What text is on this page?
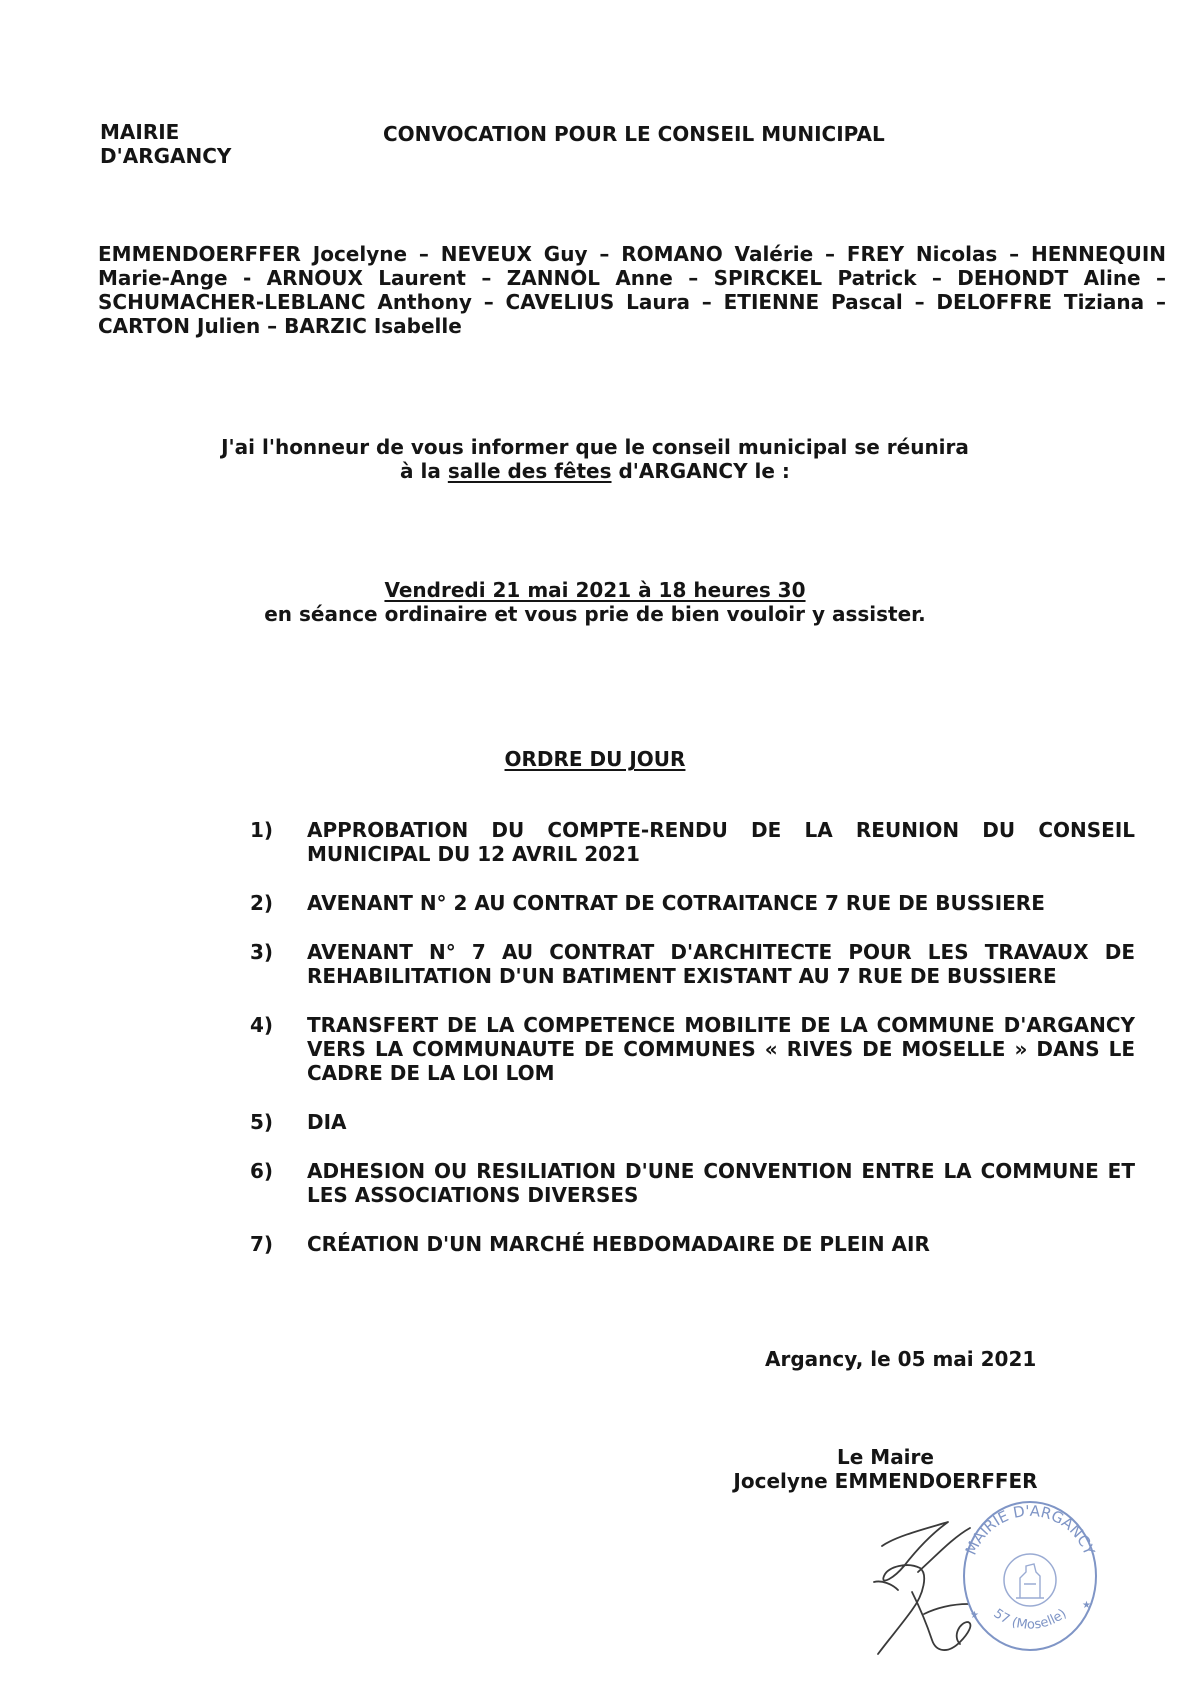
MAIRIE
D'ARGANCY
CONVOCATION POUR LE CONSEIL MUNICIPAL
EMMENDOERFFER Jocelyne – NEVEUX Guy – ROMANO Valérie – FREY Nicolas – HENNEQUIN
Marie-Ange - ARNOUX Laurent – ZANNOL Anne – SPIRCKEL Patrick – DEHONDT Aline –
SCHUMACHER-LEBLANC Anthony – CAVELIUS Laura – ETIENNE Pascal – DELOFFRE Tiziana –
CARTON Julien – BARZIC Isabelle
J'ai l'honneur de vous informer que le conseil municipal se réunira
à la salle des fêtes d'ARGANCY le :
Vendredi 21 mai 2021 à 18 heures 30
en séance ordinaire et vous prie de bien vouloir y assister.
ORDRE DU JOUR
1) APPROBATION DU COMPTE-RENDU DE LA REUNION DU CONSEIL MUNICIPAL DU 12 AVRIL 2021
2) AVENANT N° 2 AU CONTRAT DE COTRAITANCE 7 RUE DE BUSSIERE
3) AVENANT N° 7 AU CONTRAT D'ARCHITECTE POUR LES TRAVAUX DE REHABILITATION D'UN BATIMENT EXISTANT AU 7 RUE DE BUSSIERE
4) TRANSFERT DE LA COMPETENCE MOBILITE DE LA COMMUNE D'ARGANCY VERS LA COMMUNAUTE DE COMMUNES « RIVES DE MOSELLE » DANS LE CADRE DE LA LOI LOM
5) DIA
6) ADHESION OU RESILIATION D'UNE CONVENTION ENTRE LA COMMUNE ET LES ASSOCIATIONS DIVERSES
7) CRÉATION D'UN MARCHÉ HEBDOMADAIRE DE PLEIN AIR
Argancy, le 05 mai 2021
Le Maire
Jocelyne EMMENDOERFFER
MAIRIE D'ARGANCY
57 (Moselle)
★
★
